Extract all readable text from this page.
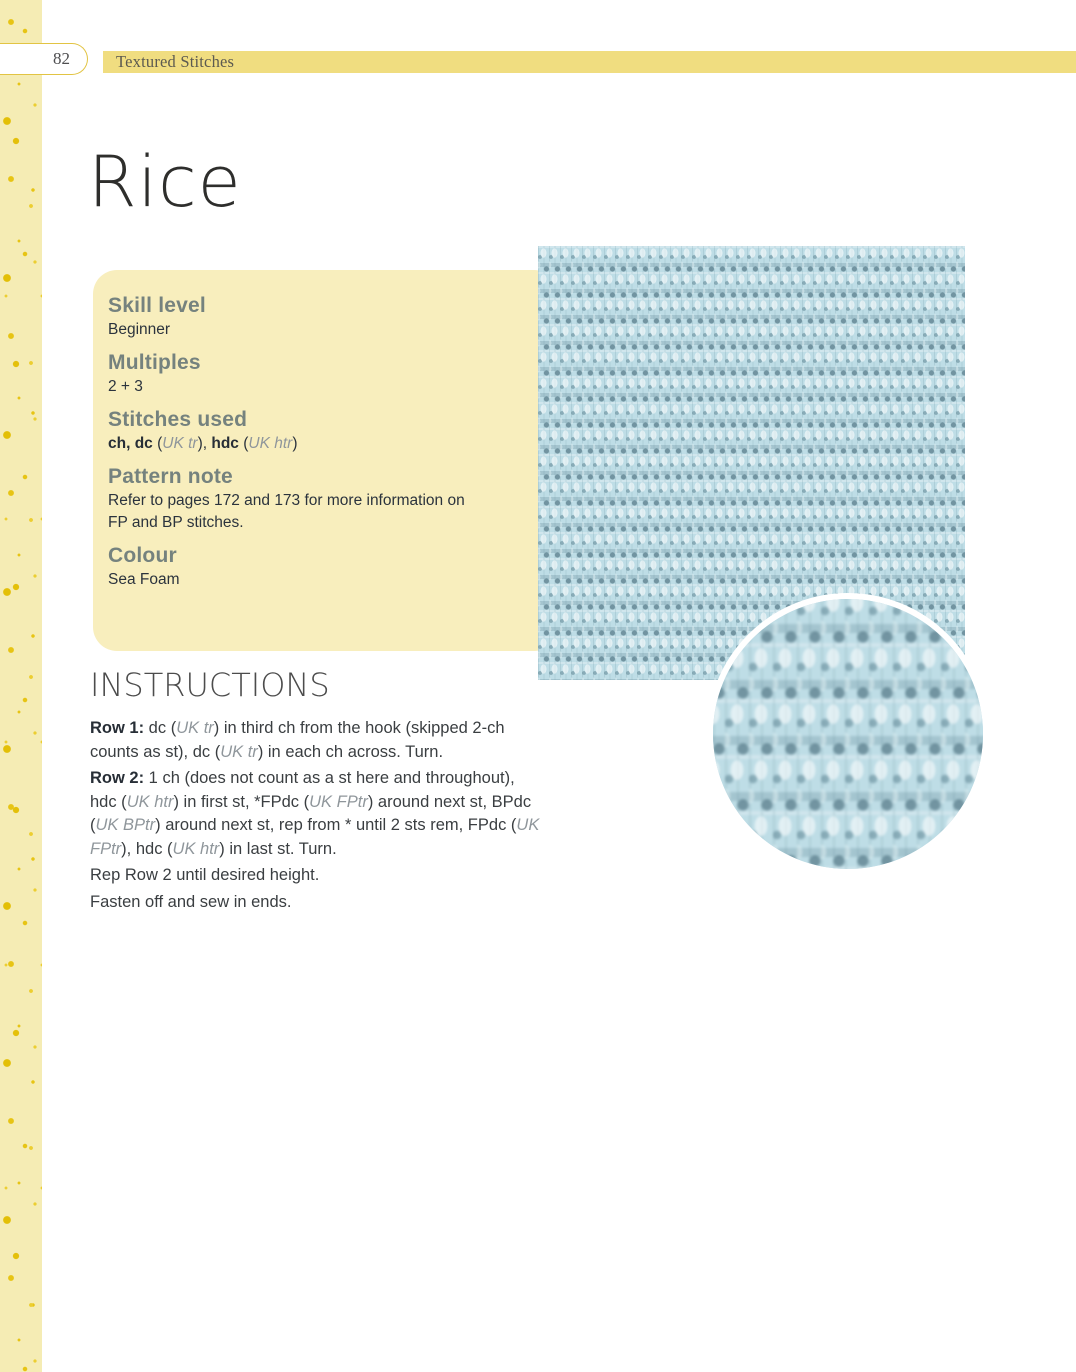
82	Textured Stitches
Rice
Skill level

Beginner

Multiples

2 + 3

Stitches used

ch, dc (UK tr), hdc (UK htr)

Pattern note

Refer to pages 172 and 173 for more information on FP and BP stitches.

Colour

Sea Foam

INSTRUCTIONS

Row 1: dc (UK tr) in third ch from the hook (skipped 2-ch counts as st), dc (UK tr) in each ch across. Turn.

Row 2: 1 ch (does not count as a st here and throughout), hdc (UK htr) in first st, *FPdc (UK FPtr) around next st, BPdc (UK BPtr) around next st, rep from * until 2 sts rem, FPdc (UK FPtr), hdc (UK htr) in last st. Turn.

Rep Row 2 until desired height.

Fasten off and sew in ends.
